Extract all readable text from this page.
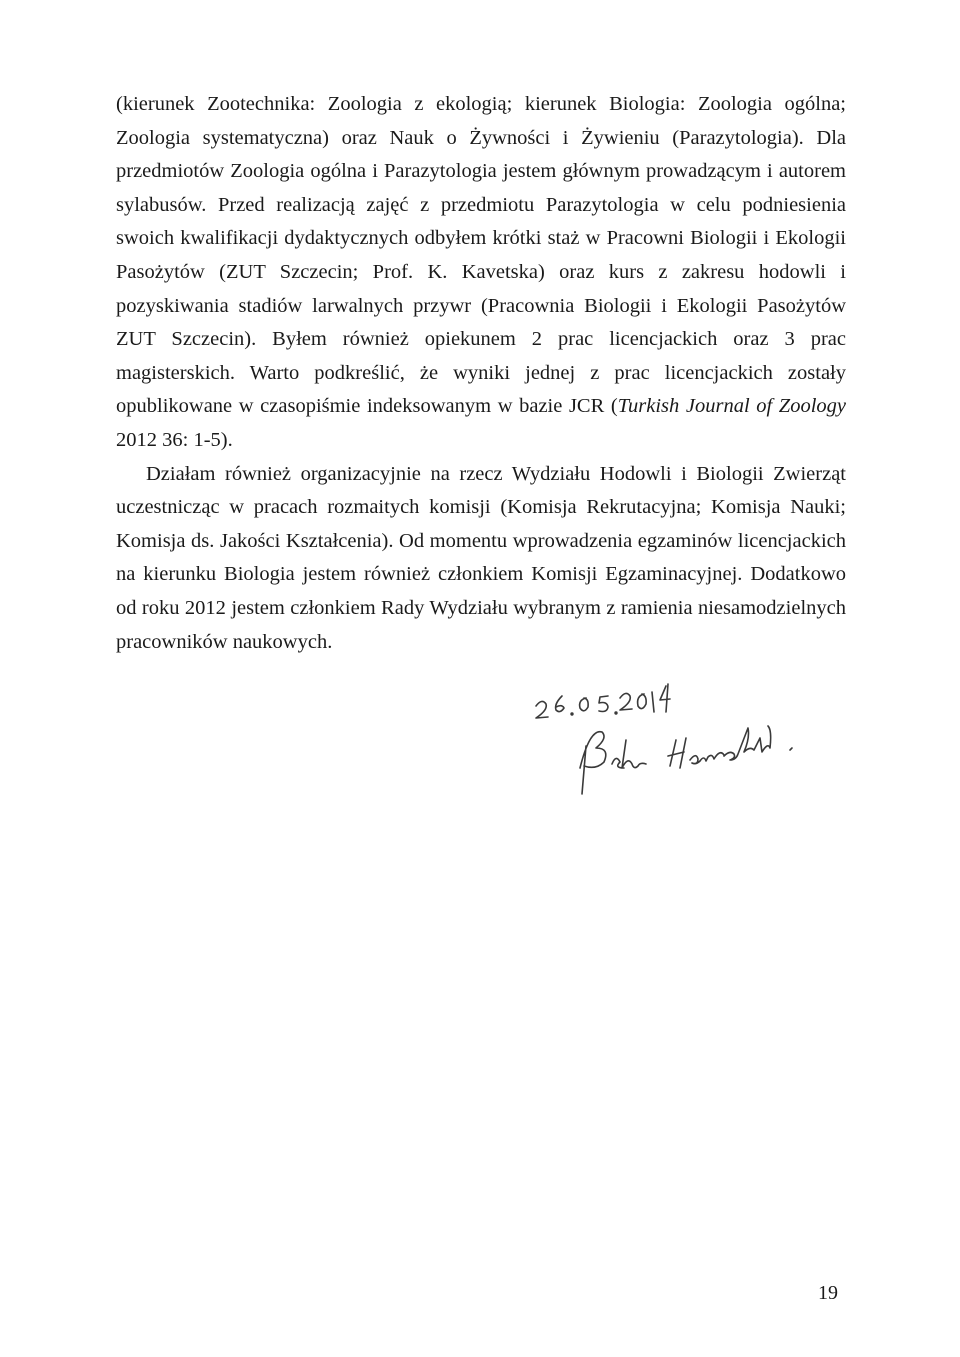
(kierunek Zootechnika: Zoologia z ekologią; kierunek Biologia: Zoologia ogólna; Zoologia systematyczna) oraz Nauk o Żywności i Żywieniu (Parazytologia). Dla przedmiotów Zoologia ogólna i Parazytologia jestem głównym prowadzącym i autorem sylabusów. Przed realizacją zajęć z przedmiotu Parazytologia w celu podniesienia swoich kwalifikacji dydaktycznych odbyłem krótki staż w Pracowni Biologii i Ekologii Pasożytów (ZUT Szczecin; Prof. K. Kavetska) oraz kurs z zakresu hodowli i pozyskiwania stadiów larwalnych przywr (Pracownia Biologii i Ekologii Pasożytów ZUT Szczecin). Byłem również opiekunem 2 prac licencjackich oraz 3 prac magisterskich. Warto podkreślić, że wyniki jednej z prac licencjackich zostały opublikowane w czasopiśmie indeksowanym w bazie JCR (Turkish Journal of Zoology 2012 36: 1-5).

Działam również organizacyjnie na rzecz Wydziału Hodowli i Biologii Zwierząt uczestnicząc w pracach rozmaitych komisji (Komisja Rekrutacyjna; Komisja Nauki; Komisja ds. Jakości Kształcenia). Od momentu wprowadzenia egzaminów licencjackich na kierunku Biologia jestem również członkiem Komisji Egzaminacyjnej. Dodatkowo od roku 2012 jestem członkiem Rady Wydziału wybranym z ramienia niesamodzielnych pracowników naukowych.

19
